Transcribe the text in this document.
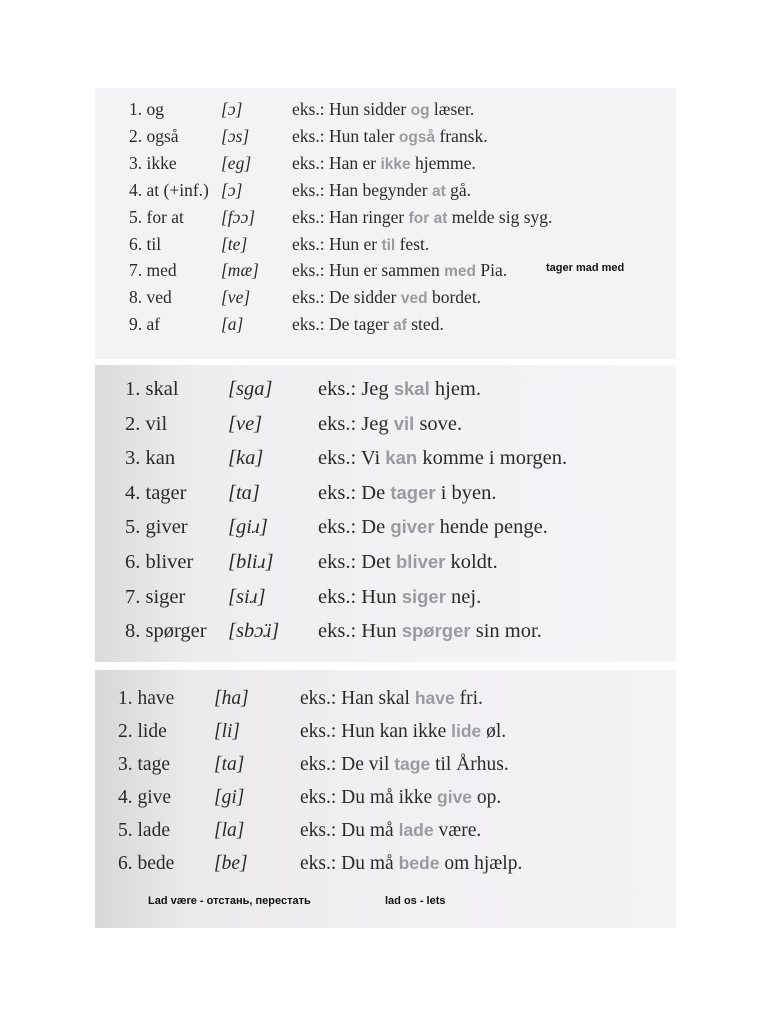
1. og	[ɔ]	eks.: Hun sidder og læser.
2. også [ɔs] eks.: Hun taler også fransk.
3. ikke	[eg] eks.: Han er ikke hjemme.
4. at (+inf.) [ɔ]	eks.: Han begynder at gå.
5. for at [fɔɔ] eks.: Han ringer for at melde sig syg.
6. til	[te]	eks.: Hun er til fest.
7. med	[mæ] eks.: Hun er sammen med Pia.
8. ved	[ve] eks.: De sidder ved bordet.
9. af	[a]	eks.: De tager af sted.
1. skal [sga] eks.: Jeg skal hjem.
2. vil	[ve]	eks.: Jeg vil sove.
3. kan	[ka]	eks.: Vi kan komme i morgen.
4. tager [tɑ]	eks.: De tager i byen.
5. giver [giɹ] eks.: De giver hende penge.
6. bliver [bliɹ] eks.: Det bliver koldt.
7. siger [siɹ]	eks.: Hun siger nej.
8. spørger [sbɔ̈ɹ] eks.: Hun spørger sin mor.
1. have [ha]	eks.: Han skal have fri.
2. lide [li]	eks.: Hun kan ikke lide øl.
3. tage [ta]	eks.: De vil tage til Århus.
4. give [gi]	eks.: Du må ikke give op.
5. lade [la]	eks.: Du må lade være.
6. bede [be]	eks.: Du må bede om hjælp.
tager mad med
Lad være - отстань, перестать	lad os - lets
